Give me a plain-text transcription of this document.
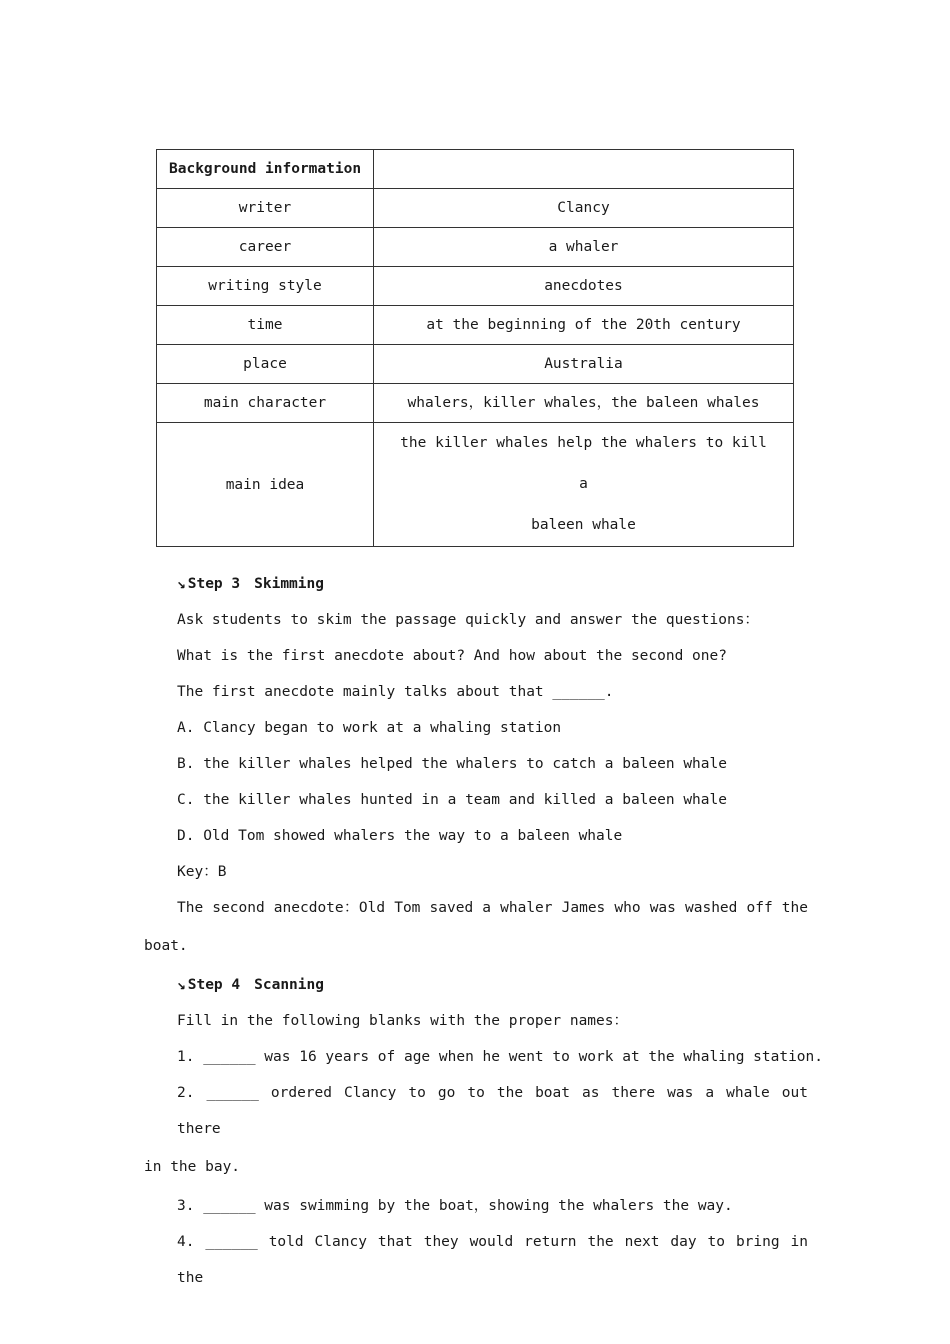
Background information	
writer	Clancy
career	a whaler
writing style	anecdotes
time	at the beginning of the 20th century
place	Australia
main character	whalers，killer whales，the baleen whales
main idea	the killer whales help the whalers to kill a
baleen whale
↘ Step 3 Skimming
Ask students to skim the passage quickly and answer the questions：
What is the first anecdote about? And how about the second one?
The first anecdote mainly talks about that ______.
A. Clancy began to work at a whaling station
B. the killer whales helped the whalers to catch a baleen whale
C. the killer whales hunted in a team and killed a baleen whale
D. Old Tom showed whalers the way to a baleen whale
Key：B
The second anecdote：Old Tom saved a whaler James who was washed off the
boat.
↘ Step 4 Scanning
Fill in the following blanks with the proper names：
1. ______ was 16 years of age when he went to work at the whaling station.
2. ______ ordered Clancy to go to the boat as there was a whale out there
in the bay.
3. ______ was swimming by the boat，showing the whalers the way.
4. ______ told Clancy that they would return the next day to bring in the
